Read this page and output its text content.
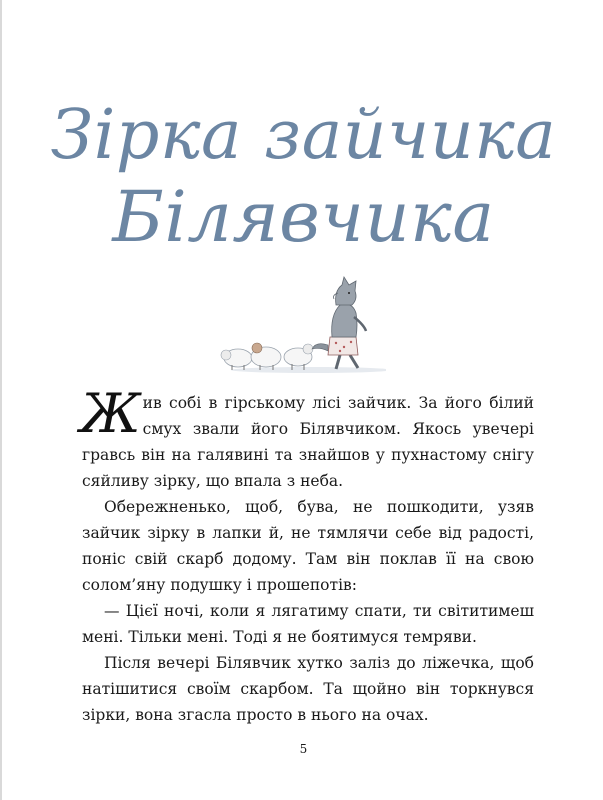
Зірка зайчика
Білявчика

Жив собі в гірському лісі зайчик. За його білий смух звали його Білявчиком. Якось увечері гравсь він на галявині та знайшов у пухнастому снігу сяйливу зірку, що впала з неба.

Обережненько, щоб, бува, не пошкодити, узяв зайчик зірку в лапки й, не тямлячи себе від радості, поніс свій скарб додому. Там він поклав її на свою солом’яну подушку і прошепотів:

— Цієї ночі, коли я лягатиму спати, ти світитимеш мені. Тільки мені. Тоді я не боятимуся темряви.

Після вечері Білявчик хутко заліз до ліжечка, щоб натішитися своїм скарбом. Та щойно він торкнувся зірки, вона згасла просто в нього на очах.

5
